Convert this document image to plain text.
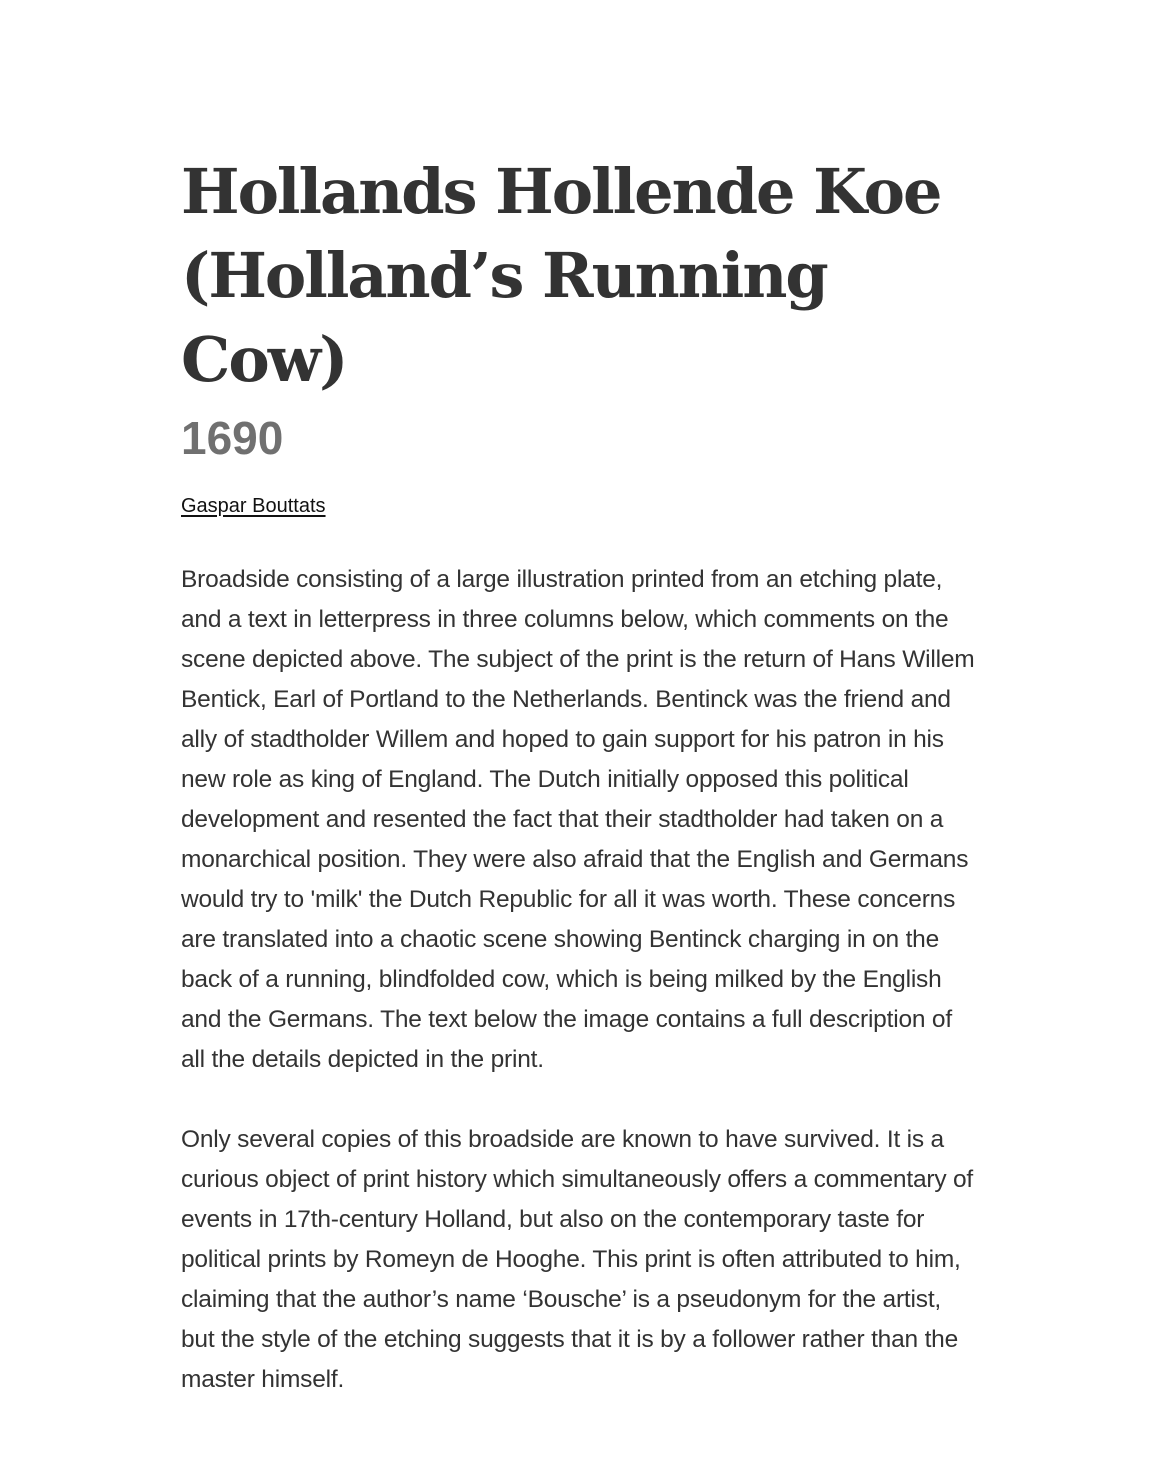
Hollands Hollende Koe
(Holland’s Running Cow)
1690
Gaspar Bouttats

Broadside consisting of a large illustration printed from an etching plate, and a text in letterpress in three columns below, which comments on the scene depicted above. The subject of the print is the return of Hans Willem Bentick, Earl of Portland to the Netherlands. Bentinck was the friend and ally of stadtholder Willem and hoped to gain support for his patron in his new role as king of England. The Dutch initially opposed this political development and resented the fact that their stadtholder had taken on a monarchical position. They were also afraid that the English and Germans would try to 'milk' the Dutch Republic for all it was worth. These concerns are translated into a chaotic scene showing Bentinck charging in on the back of a running, blindfolded cow, which is being milked by the English and the Germans. The text below the image contains a full description of all the details depicted in the print.

Only several copies of this broadside are known to have survived. It is a curious object of print history which simultaneously offers a commentary of events in 17th-century Holland, but also on the contemporary taste for political prints by Romeyn de Hooghe. This print is often attributed to him, claiming that the author’s name ‘Bousche’ is a pseudonym for the artist, but the style of the etching suggests that it is by a follower rather than the master himself.
